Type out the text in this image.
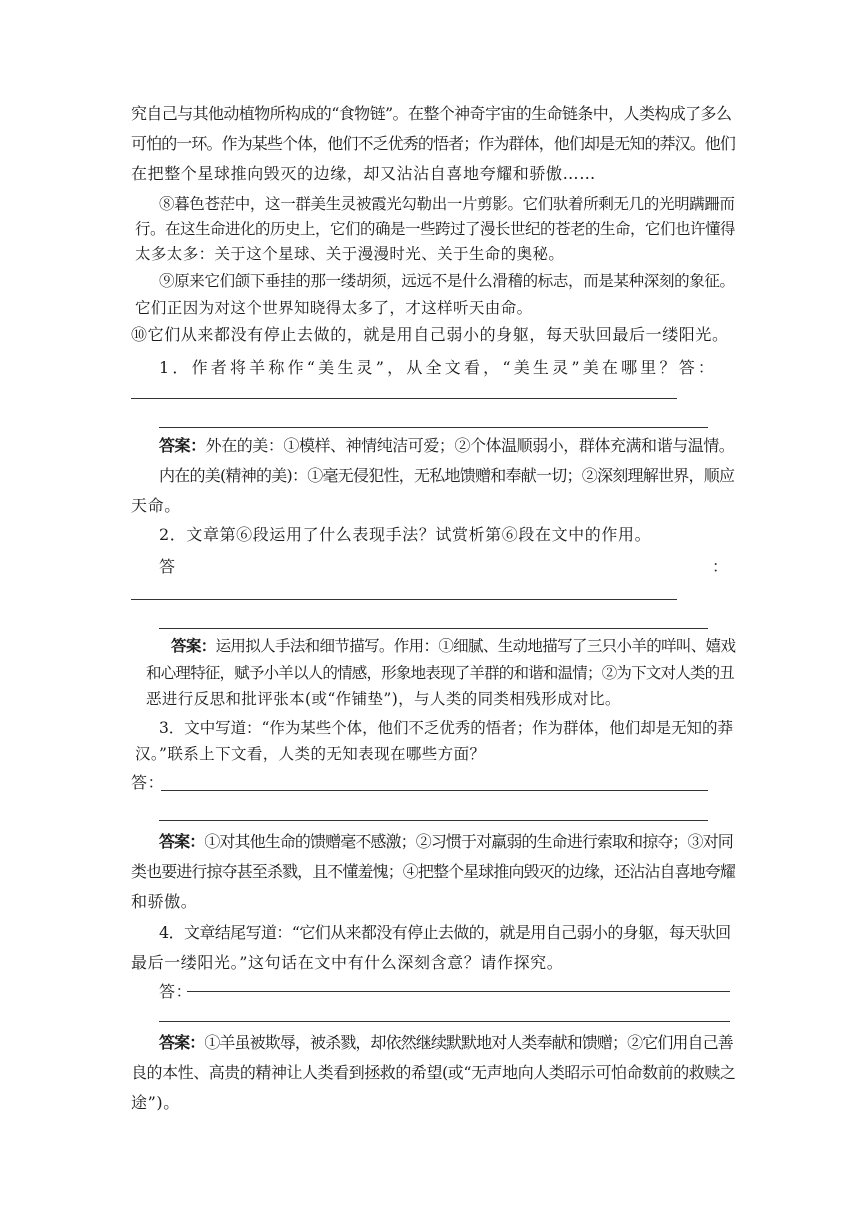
究自己与其他动植物所构成的“食物链”。在整个神奇宇宙的生命链条中，人类构成了多么
可怕的一环。作为某些个体，他们不乏优秀的悟者；作为群体，他们却是无知的莽汉。他们
在把整个星球推向毁灭的边缘，却又沾沾自喜地夸耀和骄傲……
⑧暮色苍茫中，这一群美生灵被霞光勾勒出一片剪影。它们驮着所剩无几的光明蹒跚而
行。在这生命进化的历史上，它们的确是一些跨过了漫长世纪的苍老的生命，它们也许懂得
太多太多：关于这个星球、关于漫漫时光、关于生命的奥秘。
⑨原来它们颌下垂挂的那一缕胡须，远远不是什么滑稽的标志，而是某种深刻的象征。
它们正因为对这个世界知晓得太多了，才这样听天由命。
⑩它们从来都没有停止去做的，就是用自己弱小的身躯，每天驮回最后一缕阳光。
1．作者将羊称作“美生灵”，从全文看，“美生灵”美在哪里？答：
答案：外在的美：①模样、神情纯洁可爱；②个体温顺弱小，群体充满和谐与温情。
内在的美(精神的美)：①毫无侵犯性，无私地馈赠和奉献一切；②深刻理解世界，顺应
天命。
2．文章第⑥段运用了什么表现手法？试赏析第⑥段在文中的作用。
答	：
答案：运用拟人手法和细节描写。作用：①细腻、生动地描写了三只小羊的咩叫、嬉戏
和心理特征，赋予小羊以人的情感，形象地表现了羊群的和谐和温情；②为下文对人类的丑
恶进行反思和批评张本(或“作铺垫”)，与人类的同类相残形成对比。
3．文中写道：“作为某些个体，他们不乏优秀的悟者；作为群体，他们却是无知的莽
汉。”联系上下文看，人类的无知表现在哪些方面？
答：
答案：①对其他生命的馈赠毫不感激；②习惯于对羸弱的生命进行索取和掠夺；③对同
类也要进行掠夺甚至杀戮，且不懂羞愧；④把整个星球推向毁灭的边缘，还沾沾自喜地夸耀
和骄傲。
4．文章结尾写道：“它们从来都没有停止去做的，就是用自己弱小的身躯，每天驮回
最后一缕阳光。”这句话在文中有什么深刻含意？请作探究。
答：
答案：①羊虽被欺辱，被杀戮，却依然继续默默地对人类奉献和馈赠；②它们用自己善
良的本性、高贵的精神让人类看到拯救的希望(或“无声地向人类昭示可怕命数前的救赎之
途”)。
